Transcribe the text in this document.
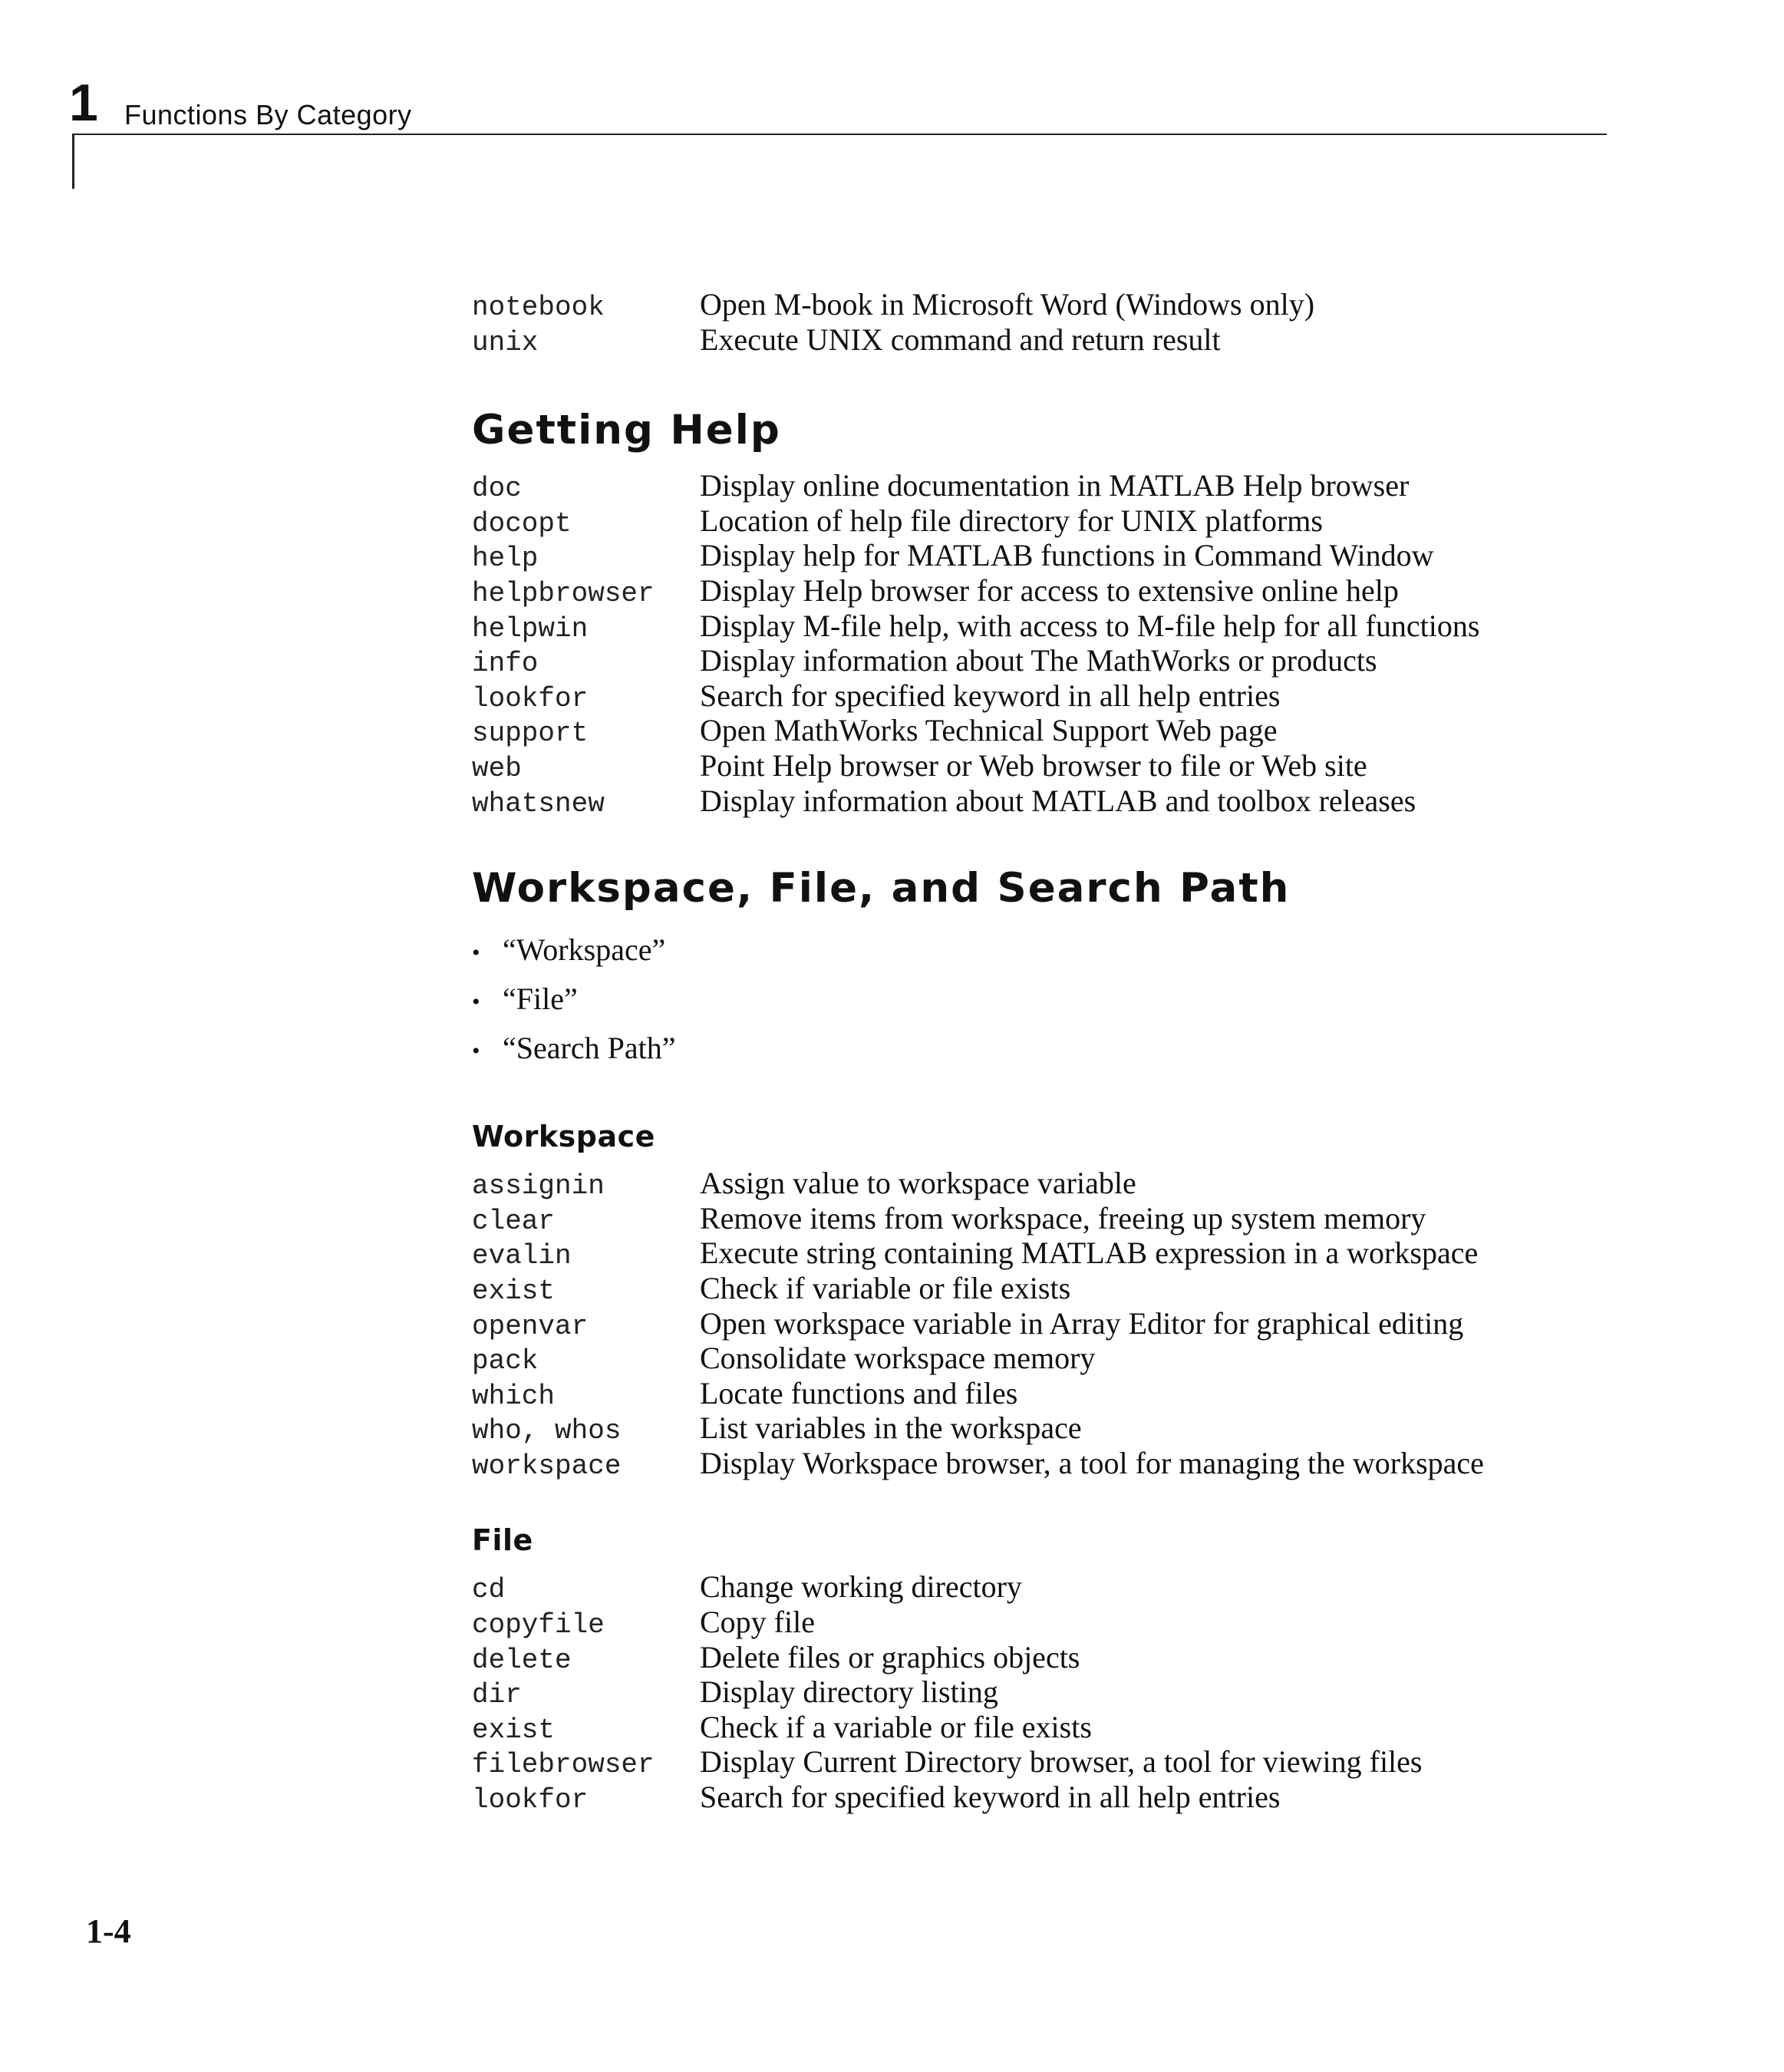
1 Functions By Category
notebook	Open M-book in Microsoft Word (Windows only)
unix	Execute UNIX command and return result
Getting Help
doc	Display online documentation in MATLAB Help browser
docopt	Location of help file directory for UNIX platforms
help	Display help for MATLAB functions in Command Window
helpbrowser	Display Help browser for access to extensive online help
helpwin	Display M-file help, with access to M-file help for all functions
info	Display information about The MathWorks or products
lookfor	Search for specified keyword in all help entries
support	Open MathWorks Technical Support Web page
web	Point Help browser or Web browser to file or Web site
whatsnew	Display information about MATLAB and toolbox releases
Workspace, File, and Search Path
• “Workspace”
• “File”
• “Search Path”
Workspace
assignin	Assign value to workspace variable
clear	Remove items from workspace, freeing up system memory
evalin	Execute string containing MATLAB expression in a workspace
exist	Check if variable or file exists
openvar	Open workspace variable in Array Editor for graphical editing
pack	Consolidate workspace memory
which	Locate functions and files
who, whos	List variables in the workspace
workspace	Display Workspace browser, a tool for managing the workspace
File
cd	Change working directory
copyfile	Copy file
delete	Delete files or graphics objects
dir	Display directory listing
exist	Check if a variable or file exists
filebrowser	Display Current Directory browser, a tool for viewing files
lookfor	Search for specified keyword in all help entries
1-4
